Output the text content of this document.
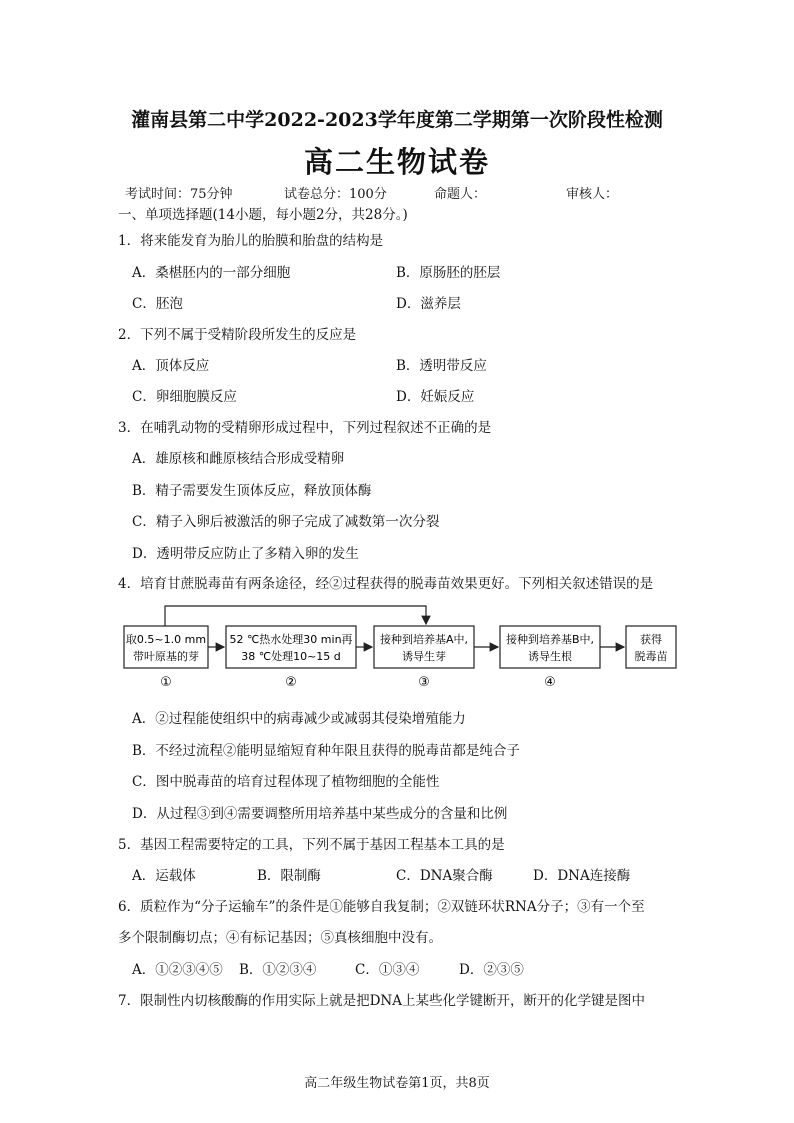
灌南县第二中学2022-2023学年度第二学期第一次阶段性检测
高二生物试卷
考试时间：75分钟	试卷总分：100分	命题人：	审核人：
一、单项选择题(14小题，每小题2分，共28分。)
1．将来能发育为胎儿的胎膜和胎盘的结构是
A．桑椹胚内的一部分细胞	B．原肠胚的胚层
C．胚泡	D．滋养层
2．下列不属于受精阶段所发生的反应是
A．顶体反应	B．透明带反应
C．卵细胞膜反应	D．妊娠反应
3．在哺乳动物的受精卵形成过程中，下列过程叙述不正确的是
A．雄原核和雌原核结合形成受精卵
B．精子需要发生顶体反应，释放顶体酶
C．精子入卵后被激活的卵子完成了减数第一次分裂
D．透明带反应防止了多精入卵的发生
4．培育甘蔗脱毒苗有两条途径，经②过程获得的脱毒苗效果更好。下列相关叙述错误的是
取0.5~1.0 mm
带叶原基的芽
52 ℃热水处理30 min再
38 ℃处理10~15 d
接种到培养基A中,
诱导生芽
接种到培养基B中,
诱导生根
获得
脱毒苗
①	②	③	④
A．②过程能使组织中的病毒减少或减弱其侵染增殖能力
B．不经过流程②能明显缩短育种年限且获得的脱毒苗都是纯合子
C．图中脱毒苗的培育过程体现了植物细胞的全能性
D．从过程③到④需要调整所用培养基中某些成分的含量和比例
5．基因工程需要特定的工具，下列不属于基因工程基本工具的是
A．运载体	B．限制酶	C．DNA聚合酶	D．DNA连接酶
6．质粒作为“分子运输车”的条件是①能够自我复制；②双链环状RNA分子；③有一个至
多个限制酶切点；④有标记基因；⑤真核细胞中没有。
A．①②③④⑤ B．①②③④	C．①③④	D．②③⑤
7．限制性内切核酸酶的作用实际上就是把DNA上某些化学键断开，断开的化学键是图中
高二年级生物试卷第1页，共8页
